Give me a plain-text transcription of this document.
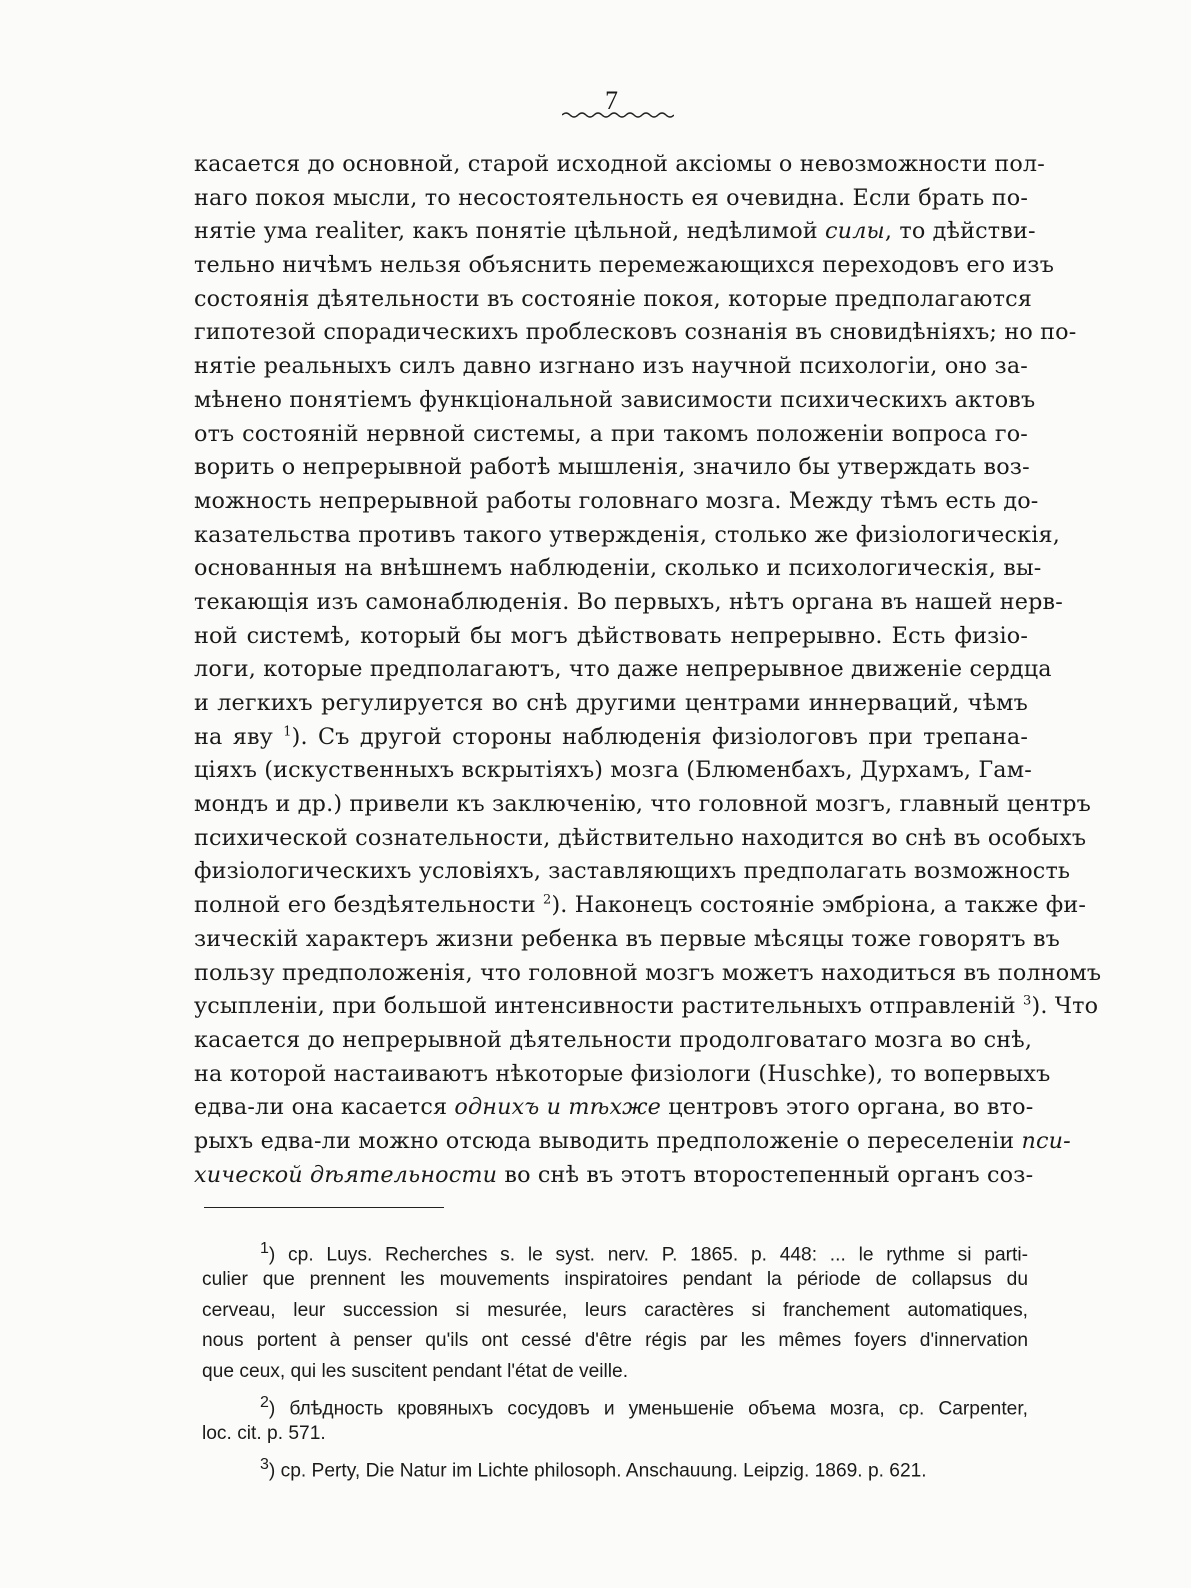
7
касается до основной, старой исходной аксiомы о невозможности пол-
наго покоя мысли, то несостоятельность ея очевидна. Если брать по-
нятiе ума realiter, какъ понятiе цѣльной, недѣлимой силы, то дѣйстви-
тельно ничѣмъ нельзя объяснить перемежающихся переходовъ его изъ
состоянiя дѣятельности въ состоянiе покоя, которые предполагаются
гипотезой спорадическихъ проблесковъ сознанiя въ сновидѣнiяхъ; но по-
нятiе реальныхъ силъ давно изгнано изъ научной психологiи, оно за-
мѣнено понятiемъ функцiональной зависимости психическихъ актовъ
отъ состоянiй нервной системы, а при такомъ положенiи вопроса го-
ворить о непрерывной работѣ мышленiя, значило бы утверждать воз-
можность непрерывной работы головнаго мозга. Между тѣмъ есть до-
казательства противъ такого утвержденiя, столько же физiологическiя,
основанныя на внѣшнемъ наблюденiи, сколько и психологическiя, вы-
текающiя изъ самонаблюденiя. Во первыхъ, нѣтъ органа въ нашей нерв-
ной системѣ, который бы могъ дѣйствовать непрерывно. Есть физiо-
логи, которые предполагаютъ, что даже непрерывное движенiе сердца
и легкихъ регулируется во снѣ другими центрами иннерваций, чѣмъ
на яву $^1$). Съ другой стороны наблюденiя физiологовъ при трепана-
цiяхъ (искуственныхъ вскрытiяхъ) мозга (Блюменбахъ, Дурхамъ, Гам-
мондъ и др.) привели къ заключенiю, что головной мозгъ, главный центръ
психической сознательности, дѣйствительно находится во снѣ въ особыхъ
физiологическихъ условiяхъ, заставляющихъ предполагать возможность
полной его бездѣятельности $^2$). Наконецъ состоянiе эмбрiона, а также фи-
зическiй характеръ жизни ребенка въ первые мѣсяцы тоже говорятъ въ
пользу предположенiя, что головной мозгъ можетъ находиться въ полномъ
усыпленiи, при большой интенсивности растительныхъ отправленiй $^3$). Что
касается до непрерывной дѣятельности продолговатаго мозга во снѣ,
на которой настаиваютъ нѣкоторые физiологи (Huschke), то вопервыхъ
едва-ли она касается однихъ и тѣхже центровъ этого органа, во вто-
рыхъ едва-ли можно отсюда выводить предположенiе о переселенiи пси-
хической дѣятельности во снѣ въ этотъ второстепенный органъ соз-
$^1$) cp. Luys. Recherches s. le syst. nerv. P. 1865. p. 448: ... le rythme si parti-
culier que prennent les mouvements inspiratoires pendant la période de collapsus du
cerveau, leur succession si mesurée, leurs caractères si franchement automatiques,
nous portent à penser qu'ils ont cessé d'être régis par les mêmes foyers d'innervation
que ceux, qui les suscitent pendant l'état de veille.
$^2$) блѣдность кровяныхъ сосудовъ и уменьшенiе объема мозга, cp. Carpenter,
loc. cit. p. 571.
$^3$) cp. Perty, Die Natur im Lichte philosoph. Anschauung. Leipzig. 1869. p. 621.
